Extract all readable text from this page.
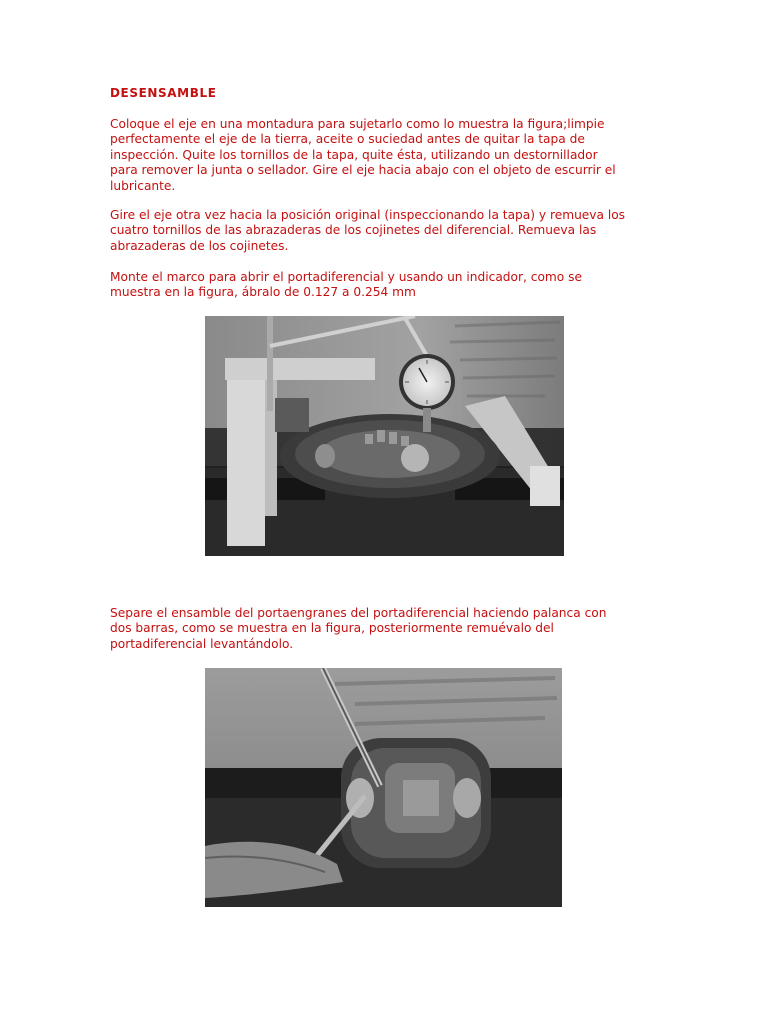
DESENSAMBLE

Coloque el eje en una montadura para sujetarlo como lo muestra la figura;limpie
perfectamente el eje de la tierra, aceite o suciedad antes de quitar la tapa de
inspección. Quite los tornillos de la tapa, quite ésta, utilizando un destornillador
para remover la junta o sellador. Gire el eje hacia abajo con el objeto de escurrir el
lubricante.

Gire el eje otra vez hacia la posición original (inspeccionando la tapa) y remueva los
cuatro tornillos de las abrazaderas de los cojinetes del diferencial. Remueva las
abrazaderas de los cojinetes.

Monte el marco para abrir el portadiferencial y usando un indicador, como se
muestra en la figura, ábralo de 0.127 a 0.254 mm

Separe el ensamble del portaengranes del portadiferencial haciendo palanca con
dos barras, como se muestra en la figura, posteriormente remuévalo del
portadiferencial levantándolo.
